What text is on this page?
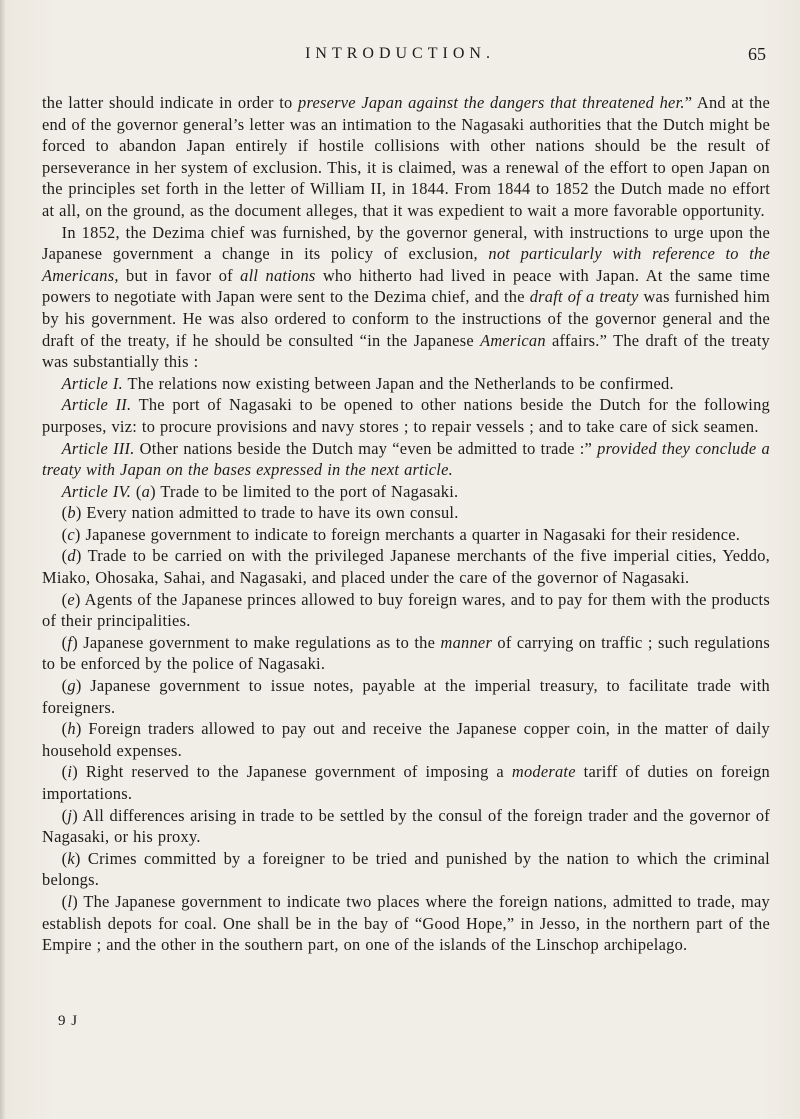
INTRODUCTION.	65

the latter should indicate in order to preserve Japan against the dangers that threatened her.” And at the end of the governor general’s letter was an intimation to the Nagasaki authorities that the Dutch might be forced to abandon Japan entirely if hostile collisions with other nations should be the result of perseverance in her system of exclusion. This, it is claimed, was a renewal of the effort to open Japan on the principles set forth in the letter of William II, in 1844. From 1844 to 1852 the Dutch made no effort at all, on the ground, as the document alleges, that it was expedient to wait a more favorable opportunity.

In 1852, the Dezima chief was furnished, by the governor general, with instructions to urge upon the Japanese government a change in its policy of exclusion, not particularly with reference to the Americans, but in favor of all nations who hitherto had lived in peace with Japan. At the same time powers to negotiate with Japan were sent to the Dezima chief, and the draft of a treaty was furnished him by his government. He was also ordered to conform to the instructions of the governor general and the draft of the treaty, if he should be consulted “in the Japanese American affairs.” The draft of the treaty was substantially this :

Article I. The relations now existing between Japan and the Netherlands to be confirmed.

Article II. The port of Nagasaki to be opened to other nations beside the Dutch for the following purposes, viz: to procure provisions and navy stores ; to repair vessels ; and to take care of sick seamen.

Article III. Other nations beside the Dutch may “even be admitted to trade :” provided they conclude a treaty with Japan on the bases expressed in the next article.

Article IV. (a) Trade to be limited to the port of Nagasaki.

(b) Every nation admitted to trade to have its own consul.

(c) Japanese government to indicate to foreign merchants a quarter in Nagasaki for their residence.

(d) Trade to be carried on with the privileged Japanese merchants of the five imperial cities, Yeddo, Miako, Ohosaka, Sahai, and Nagasaki, and placed under the care of the governor of Nagasaki.

(e) Agents of the Japanese princes allowed to buy foreign wares, and to pay for them with the products of their principalities.

(f) Japanese government to make regulations as to the manner of carrying on traffic ; such regulations to be enforced by the police of Nagasaki.

(g) Japanese government to issue notes, payable at the imperial treasury, to facilitate trade with foreigners.

(h) Foreign traders allowed to pay out and receive the Japanese copper coin, in the matter of daily household expenses.

(i) Right reserved to the Japanese government of imposing a moderate tariff of duties on foreign importations.

(j) All differences arising in trade to be settled by the consul of the foreign trader and the governor of Nagasaki, or his proxy.

(k) Crimes committed by a foreigner to be tried and punished by the nation to which the criminal belongs.

(l) The Japanese government to indicate two places where the foreign nations, admitted to trade, may establish depots for coal. One shall be in the bay of “Good Hope,” in Jesso, in the northern part of the Empire ; and the other in the southern part, on one of the islands of the Linschop archipelago.

9 J
